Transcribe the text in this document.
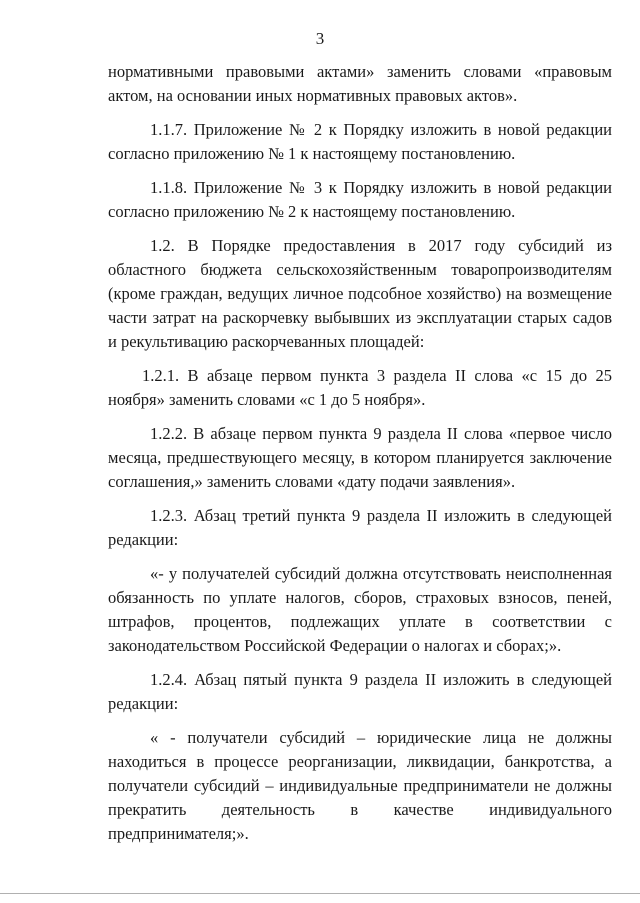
3

нормативными правовыми актами» заменить словами «правовым актом, на основании иных нормативных правовых актов».

1.1.7. Приложение № 2 к Порядку изложить в новой редакции согласно приложению № 1 к настоящему постановлению.

1.1.8. Приложение № 3 к Порядку изложить в новой редакции согласно приложению № 2 к настоящему постановлению.

1.2. В Порядке предоставления в 2017 году субсидий из областного бюджета сельскохозяйственным товаропроизводителям (кроме граждан, ведущих личное подсобное хозяйство) на возмещение части затрат на раскорчевку выбывших из эксплуатации старых садов и рекультивацию раскорчеванных площадей:

1.2.1. В абзаце первом пункта 3 раздела II слова «с 15 до 25 ноября» заменить словами «с 1 до 5 ноября».

1.2.2. В абзаце первом пункта 9 раздела II слова «первое число месяца, предшествующего месяцу, в котором планируется заключение соглашения,» заменить словами «дату подачи заявления».

1.2.3. Абзац третий пункта 9 раздела II изложить в следующей редакции:

«- у получателей субсидий должна отсутствовать неисполненная обязанность по уплате налогов, сборов, страховых взносов, пеней, штрафов, процентов, подлежащих уплате в соответствии с законодательством Российской Федерации о налогах и сборах;».

1.2.4. Абзац пятый пункта 9 раздела II изложить в следующей редакции:

« - получатели субсидий – юридические лица не должны находиться в процессе реорганизации, ликвидации, банкротства, а получатели субсидий – индивидуальные предприниматели не должны прекратить деятельность в качестве индивидуального предпринимателя;».
